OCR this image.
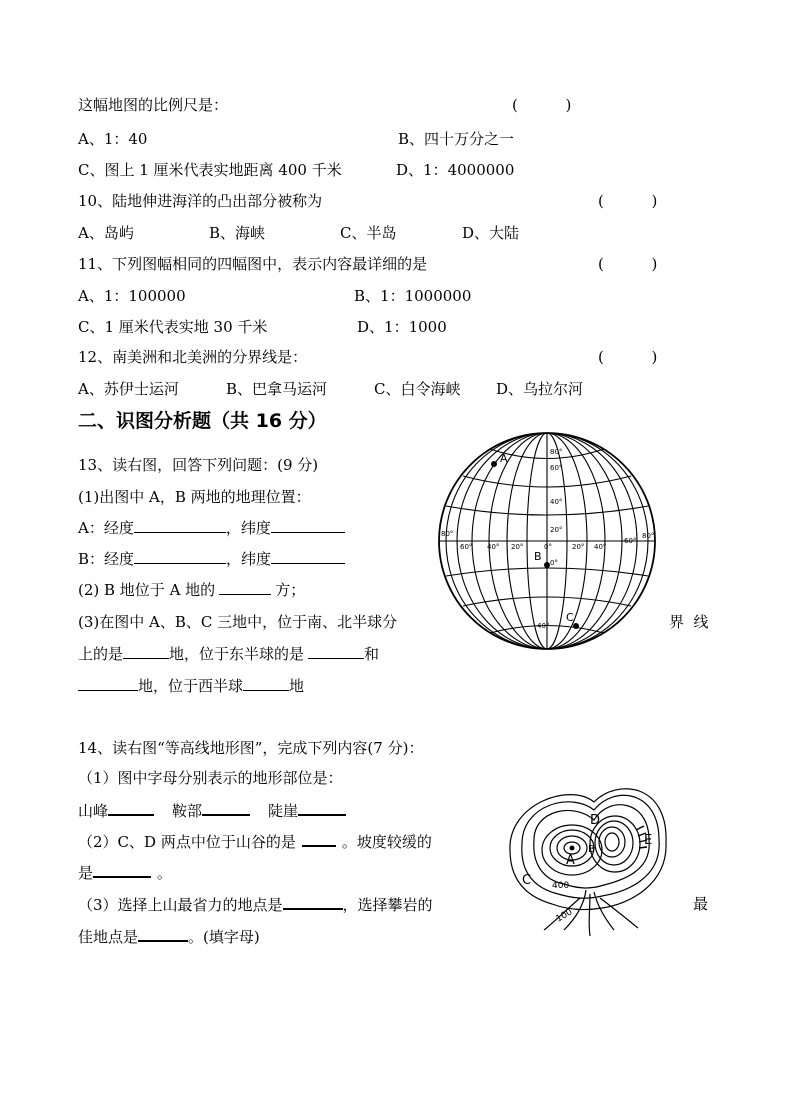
这幅地图的比例尺是：	(          )
A、1：40	B、四十万分之一
C、图上 1 厘米代表实地距离 400 千米	D、1：4000000
10、陆地伸进海洋的凸出部分被称为	(          )
A、岛屿	B、海峡	C、半岛	D、大陆
11、下列图幅相同的四幅图中，表示内容最详细的是	(          )
A、1：100000	B、1：1000000
C、1 厘米代表实地 30 千米	D、1：1000
12、南美洲和北美洲的分界线是：	(          )
A、苏伊士运河	B、巴拿马运河	C、白令海峡 D、乌拉尔河
二、识图分析题（共 16 分）
13、读右图，回答下列问题：(9 分)
(1)出图中 A，B 两地的地理位置：
A：经度	，纬度
B：经度	，纬度
(2) B 地位于 A 地的	方；
(3)在图中 A、B、C 三地中，位于南、北半球分	界  线
上的是	地，位于东半球的是	和
地，位于西半球	地
80°
60°
40°
20°
0°
40°
80°
60° 40° 20°	0°	20° 40°
60°
80°
A
B
C
14、读右图“等高线地形图”，完成下列内容(7 分)：
（1）图中字母分别表示的地形部位是：
山峰	鞍部	陡崖
（2）C、D 两点中位于山谷的是	。坡度较缓的
是	。
（3）选择上山最省力的地点是	，选择攀岩的	最
佳地点是	。(填字母)
A
B
C
D
E
400
100
